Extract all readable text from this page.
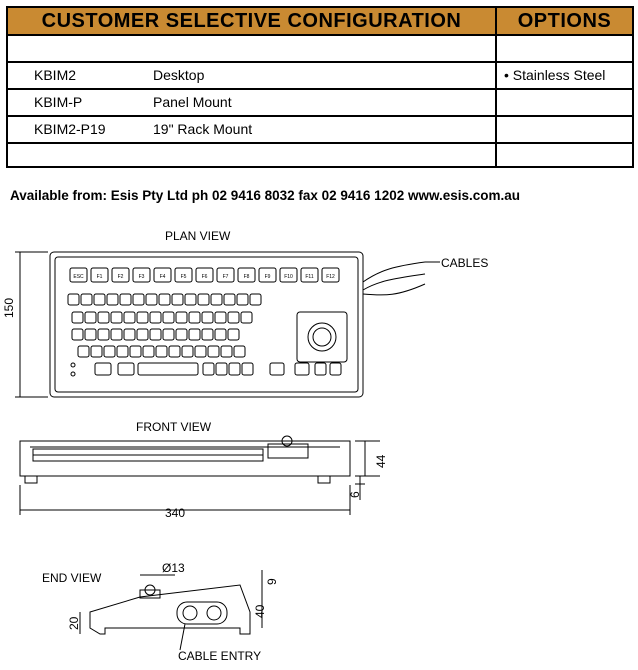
CUSTOMER SELECTIVE CONFIGURATION	OPTIONS
KBIM2	Desktop	• Stainless Steel
KBIM-P	Panel Mount
KBIM2-P19	19" Rack Mount
Available from: Esis Pty Ltd ph 02 9416 8032 fax 02 9416 1202 www.esis.com.au
ESC	F1	F2	F3	F4	F5	F6	F7	F8	F9	F10	F11	F12
PLAN VIEW
CABLES
FRONT VIEW
END VIEW
CABLE ENTRY
150
340
44
6
Ø13
20
40
9
